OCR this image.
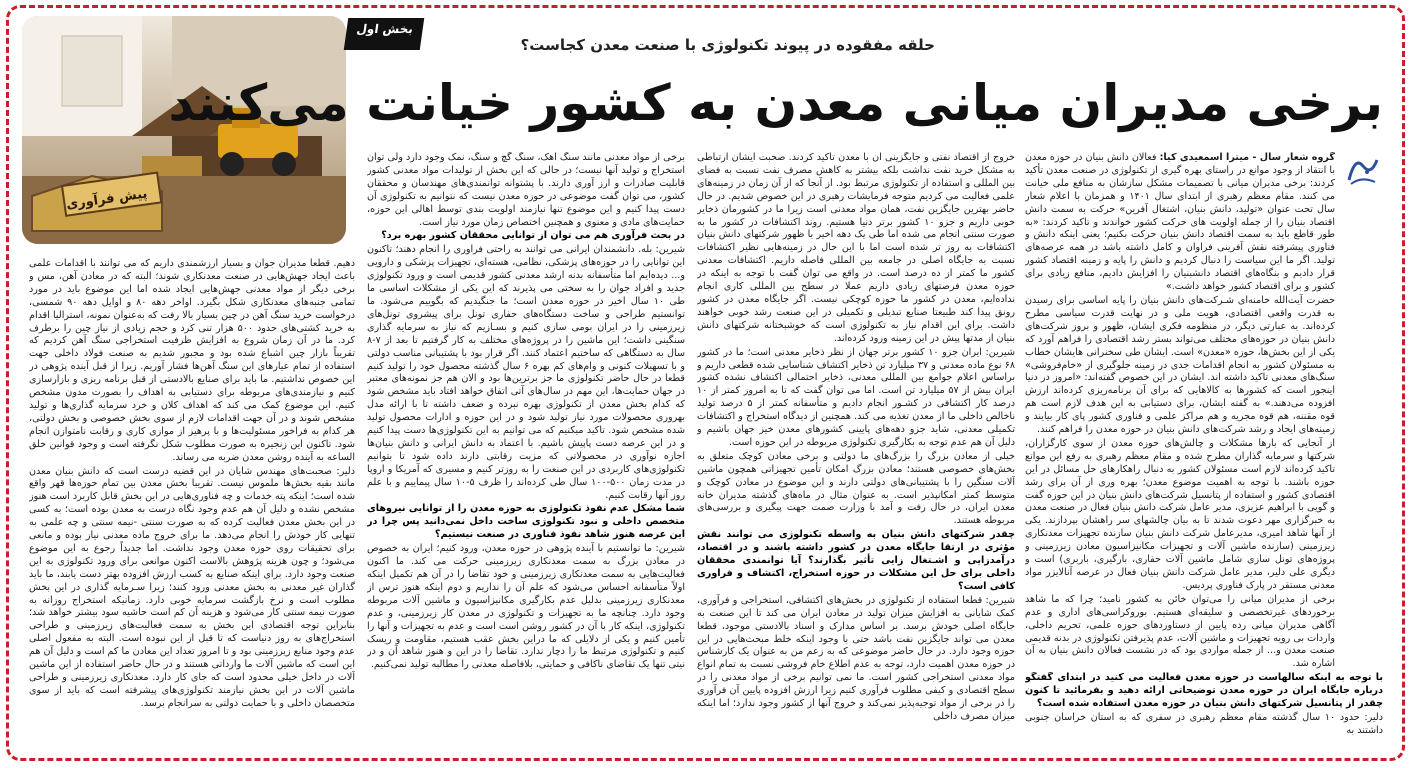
پیش فرآوری
بخش اول
حلقه مفقوده در پیوند تکنولوژی با صنعت معدن کجاست؟
برخی مدیران میانی معدن به کشور خیانت می‌کنند

گروه شعار سال - میترا اسمعیدی کیا: فعالان دانش بنیان در حوزه معدن با انتقاد از وجود موانع در راستای بهره گیری از تکنولوژی در صنعت معدن تأکید کردند: برخی مدیران میانی با تصمیمات مشکل سازشان به منافع ملی خیانت می کنند. مقام معظم رهبری از ابتدای سال ۱۴۰۱ و همزمان با اعلام شعار سال تحت عنوان «تولید، دانش بنیان، اشتغال آفرین» حرکت به سمت دانش اقتصاد بنیان را از جمله اولویت های حرکت کشور خواندند و تاکید کردند: «به طور قاطع باید به سمت اقتصاد دانش بنیان حرکت بکنیم؛ یعنی اینکه دانش و فناوری پیشرفته نقش آفرینی فراوان و کامل داشته باشد در همه عرصه‌های تولید. اگر ما این سیاست را دنبال کردیم و دانش را پایه و زمینه اقتصاد کشور قرار دادیم و بنگاه‌های اقتصاد دانشبنیان را افزایش دادیم، منافع زیادی برای کشور و برای اقتصاد کشور خواهد داشت.»

حضرت آیت‌الله خامنه‌ای شـرکت‌های دانش بنیان را پایه اساسی برای رسیدن به قدرت واقعی اقتصادی، هویت ملی و در نهایت قدرت سیاسی مطرح کرده‌اند. به عبارتی دیگر، در منظومه فکری ایشان، ظهور و بروز شرکت‌های دانش بنیان در حوزه‌های مختلف می‌تواند بستر رشد اقتصادی را فراهم آورد که یکی از این بخش‌ها، حوزه «معدن» است. ایشان طی سخنرانی هایشان خطاب به مسئولان کشور به انجام اقدامات جدی در زمینه جلوگیری از «خام‌فروشی» سنگ‌های معدنی تاکید داشته اند. ایشان در این خصوص گفته‌اند: «امروز در دنیا اینجور است که کشورها به کالاهایی که برای آن برنامه‌ریزی کرده‌اند ارزش افزوده می‌دهند.» به گفته ایشان، برای دستیابی به این هدف لازم است هم قوه مقننه، هم قوه مجریه و هم مراکز علمی و فناوری کشور پای کار بیایند و زمینه‌های ایجاد و رشد شرکت‌های دانش بنیان در حوزه معدن را فراهم کنند.

از آنجایی که بارها مشکلات و چالش‌های حوزه معدن از سوی کارگزاران، شرکتها و سرمایه گذاران مطرح شده و مقام معظم رهبری به رفع این موانع تاکید کرده‌اند لازم است مسئولان کشور به دنبال راهکارهای حل مسائل در این حوزه باشند. با توجه به اهمیت موضوع معدن؛ بهره وری از آن برای رشد اقتصادی کشور و استفاده از پتانسیل شرکت‌های دانش بنیان در این حوزه گفت و گویی با ابراهیم عزیزی، مدیر عامل شرکت دانش بنیان فعال در صنعت معدن به خبرگزاری مهر دعوت شدند تا به بیان چالشهای سر راهشان بپردازند. یکی از آنها شاهد امیری، مدیرعامل شرکت دانش بنیان سازنده تجهیزات معدنکاری زیرزمینی (سازنده ماشین آلات و تجهیزات مکانیزاسیون معادن زیرزمینی و پروژه‌های تونل سازی شامل ماشین آلات حفاری، بارگیری، باربری) است و دیگری علی دلیر، مدیر عامل شرکت دانش بنیان فعال در عرصه آنالایزر مواد معدنی مستقر در پارک فناوری پردیس.

برخی از مدیران میانی را می‌توان خائن به کشور نامید؛ چرا که ما شاهد برخوردهای غیرتخصصی و سلیقه‌ای هستیم. بوروکراسی‌های اداری و عدم آگاهی مدیران میانی رده پایین از دستاوردهای حوزه علمی، تحریم داخلی، واردات بی رویه تجهیزات و ماشین آلات، عدم پذیرفتن تکنولوژی در بدنه قدیمی صنعت معدن و... از جمله مواردی بود که در نشست فعالان دانش بنیان به آن اشاره شد.

با توجه به اینکه سالهاست در حوزه معدن فعالیت می کنید در ابتدای گفتگو درباره جایگاه ایران در حوزه معدن توضیحاتی ارائه دهید و بفرمائید تا کنون چقدر از پتانسیل شرکتهای دانش بنیان در حوزه معدن استفاده شده است؟

دلیر: حدود ۱۰ سال گذشته مقام معظم رهبری در سفری که به استان خراسان جنوبی داشتند به

خروج از اقتصاد نفتی و جایگزینی آن با معدن تاکید کردند. صحبت ایشان ارتباطی به مشکل خرید نفت نداشت بلکه بیشتر به کاهش مصرف نفت نسبت به فضای بین المللی و استفاده از تکنولوژی مرتبط بود. از آنجا که از آن زمان در زمینه‌های علمی فعالیت می کردیم متوجه فرمایشات رهبری در این خصوص شدیم. در حال حاضر بهترین جایگزین نفت، همان مواد معدنی است زیرا ما در کشورمان ذخایر خوبی داریم و جزو ۱۰ کشور برتر دنیا هستیم. روند اکتشافات در کشور ما به صورت سنتی انجام می شده اما طی یک دهه اخیر با ظهور شرکتهای دانش بنیان اکتشافات به روز تر شده است اما با این حال در زمینه‌هایی نظیر اکتشافات نسبت به جایگاه اصلی در جامعه بین المللی فاصله داریم. اکتشافات معدنی کشور ما کمتر از ده درصد است. در واقع می توان گفت با توجه به اینکه در حوزه معدن فرصتهای زیادی داریم عملا در سطح بین المللی کاری انجام نداده‌ایم، معدن در کشور ما حوزه کوچکی نیست. اگر جایگاه معدن در کشور رونق پیدا کند طبیعتا صنایع تبدیلی و تکمیلی در این صنعت رشد خوبی خواهند داشت. برای این اقدام نیاز به تکنولوژی است که خوشبختانه شرکتهای دانش بنیان از مدتها پیش در این زمینه ورود کرده‌اند.

شیرین: ایران جزو ۱۰ کشور برتر جهان از نظر ذخایر معدنی است؛ ما در کشور ۶۸ نوع ماده معدنی و ۳۷ میلیارد تن ذخایر اکتشاف شناسایی شده قطعی داریم و براساس اعلام جوامع بین المللی معدنی، ذخایر احتمالی اکتشاف نشده کشور ایران بیش از ۵۷ میلیارد تن است. اما می توان گفت که تا به امروز کمتر از ۱۰ درصد کار اکتشافی در کشـور انجام دادیم و متأسفانه کمتر از ۵ درصد تولید ناخالص داخلی ما از معدن تغذیه می کند. همچنین از دیدگاه استخراج و اکتشافات تکمیلی معدنی، شاید جزو دهه‌های پایینی کشورهای معدن خیز جهان باشیم و دلیل آن هم عدم توجه به بکارگیری تکنولوژی مربوطه در این حوزه است.

خیلی از معادن بزرگ را بزرگ‌های ما دولتی و برخی معادن کوچک متعلق به بخش‌های خصوصی هستند؛ معادن بزرگ امکان تأمین تجهیزاتی همچون ماشین آلات سنگین را با پشتیبانی‌های دولتی دارند و این موضوع در معادن کوچک و متوسط کمتر امکانپذیر است. به عنوان مثال در ماه‌های گذشته مدیران خانه معدن ایران، در حال رفت و آمد با وزارت صمت جهت پیگیری و بررسی‌های مربوطه هستند.

چقدر شرکتهای دانش بنیان به واسطه تکنولوژی می توانند نقش مؤثری در ارتقا جایگاه معدن در کشور داشته باشند و در اقتصاد، درآمدزایی و اشـتغال زایی تأثیر بگذارند؟ آیا توانمندی محققان داخلی برای حل این مشکلات در حوزه استخراج، اکتشاف و فراوری کافی است؟

شیرین: قطعا استفاده از تکنولوژی در بخش‌های اکتشافی، استخراجی و فرآوری، کمک شایانی به افزایش میزان تولید در معادن ایران می کند تا این صنعت به جایگاه اصلی خودش برسد. بر اساس مدارک و اسناد بالادستی موجود، قطعا معدن می تواند جایگزین نفت باشد حتی با وجود اینکه خلط مبحث‌هایی در این حوزه وجود دارد. در حال حاضر موضوعی که به زعم من به عنوان یک کارشناس در حوزه معدن اهمیت دارد، توجه به عدم اطلاع خام فروشی نسبت به تمام انواع مواد معدنی استخراجی کشور است. ما نمی توانیم برخی از مواد معدنی را در سطح اقتصادی و کیفی مطلوب فرآوری کنیم زیرا ارزش افزوده پایین آن فرآوری را در برخی از مواد توجیه‌پذیر نمی‌کند و خروج آنها از کشور وجود ندارد؛ اما اینکه میزان مصرف داخلی

برخی از مواد معدنی مانند سنگ آهک، سنگ گچ و سنگ، نمک وجود دارد ولی توان استخراج و تولید آنها نیست؛ در حالی که این بخش از تولیدات مواد معدنی کشور قابلیت صادرات و ارز آوری دارند. با پشتوانه توانمندی‌های مهندسان و محققان کشور، می توان گفت موضوعی در حوزه معدن نیست که نتوانیم به تکنولوژی آن دست پیدا کنیم و این موضوع تنها نیازمند اولویت بندی توسط اهالی این حوزه، حمایت‌های مادی و معنوی و همچنین اختصاص زمان مورد نیاز است.

در بحث فرآوری هم می توان از توانایی محققان کشور بهره برد؟

شیرین: بله. دانشمندان ایرانی می توانند به راحتی فراوری را انجام دهند؛ تاکنون این توانایی را در حوزه‌های پزشکی، نظامی، هسته‌ای، تجهیزات پزشکی و دارویی و... دیده‌ایم اما متأسفانه بدنه ارشد معدنی کشور قدیمی است و ورود تکنولوژی جدید و افراد جوان را به سختی می پذیرند که این یکی از مشکلات اساسی ما طی ۱۰ سال اخیر در حوزه معدن است؛ ما جنگیدیم که بگوییم می‌شود. ما توانستیم طراحی و ساخت دستگاه‌های حفاری تونل برای پیشروی تونل‌های زیرزمینی را در ایران بومی سازی کنیم و بسـازیم که نیاز به سرمایه گذاری سنگینی داشت؛ این ماشین را در پروژه‌های مختلف به کار گرفتیم تا بعد از ۷-۸ سال به دستگاهی که ساختیم اعتماد کنند. اگر قرار بود با پشتیبانی مناسب دولتی و با تسهیلات کنونی و وام‌های کم بهره ۶ سال گذشته محصول خود را تولید کنیم قطعا در حال حاضر تکنولوژی ما جز برترین‌ها بود و الان هم جز نمونه‌های معتبر در جهان حمایت‌ها، این مهم در سال‌های آتی اتفاق خواهد افتاد باید مشخص شود که کدام بخش معدن از تکنولوژی بهره نبرده و ضعف داشته تا با ارائه مدل بهروری محصولات مورد نیاز تولید شود و در این حوزه و ادارات محصول تولید شده مشخص شود. تاکید میکنیم که می توانیم به این تکنولوژی‌ها دست پیدا کنیم و در این عرصه دست پاپیش باشیم. با اعتماد به دانش ایرانی و دانش بنیان‌ها اجازه نوآوری در محصولاتی که مزیت رقابتی دارند داده شود تا بتوانیم تکنولوژی‌های کاربردی در این صنعت را به روزتر کنیم و مسیری که آمریکا و اروپا در مدت زمان ۵۰۰-۱۰۰ سال طی کرده‌اند را ظرف ۵-۱۰ سال پیماییم و با علم روز آنها رقابت کنیم.

شما مشکل عدم نفوذ تکنولوژی به حوزه معدن را از توانایی نیروهای متخصص داخلی و نبود تکنولوژی ساخت داخل نمی‌دانید پس چرا در این عرصه هنوز شاهد نفوذ فناوری در صنعت نیستیم؟

شیرین: ما توانستیم با آینده پژوهی در حوزه معدن، ورود کنیم؛ ایران به خصوص در معادن بزرگ به سمت معدنکاری زیرزمینی حرکت می کند. ما اکنون فعالیت‌هایی به سمت معدنکاری زیرزمینی و خود تقاضا را در آن هم تکمیل اینکه اولاً متأسفانه احساس می‌شود که علم آن را نداریم و دوم اینکه هنوز ترس از معدنکاری زیرزمینی بدلیل عدم بکارگیری مکانیزاسیون و ماشین آلات مربوطه وجود دارد. چنانچه ما به تجهیزات و تکنولوژی در معدن کار زیرزمینی، و عدم تکنولوژی، اینکه کار با آن در کشور روشن است است و عدم به تجهیزات و آنها را تأمین کنیم و یکی از دلایلی که ما دراین بخش عقب هستیم، مقاومت و ریسک کنیم و تکنولوژی مرتبط ما را دچار ندارد. تقاضا را در این و هنوز شاهد آن و در نیتی تنها یک تقاضای ناکافی و حمایتی، بلافاصله معدنی را مطالبه تولید نمی‌کنیم.

دهیم. قطعا مدیران جوان و بسیار ارزشمندی داریم که می توانند با اقدامات علمی باعث ایجاد جهش‌هایی در صنعت معدنکاری شوند؛ البته که در معادن آهن، مس و برخی دیگر از مواد معدنی جهش‌هایی ایجاد شده اما این موضوع باید در مورد تمامی جنبه‌های معدنکاری شکل بگیرد. اواخر دهه ۸۰ و اوایل دهه ۹۰ شمسی، درخواست خرید سنگ آهن در چین بسیار بالا رفت که به‌عنوان نمونه، استرالیا اقدام به خرید کشتی‌های حدود ۵۰۰ هزار تنی کرد و حجم زیادی از نیاز چین را برطرف کرد. ما در آن زمان شروع به افزایش ظرفیت استخراجی سنگ آهن کردیم که تقریباً بازار چین اشباع شده بود و مجبور شدیم به صنعت فولاد داخلی جهت استفاده از تمام عیارهای این سنگ آهن‌ها فشار آوریم. زیرا از قبل آینده پژوهی در این خصوص نداشتیم. ما باید برای صنایع بالادستی از قبل برنامه ریزی و بازارسازی کنیم و نیازمندی‌های مربوطه برای دستیابی به اهداف را بصورت مدون مشخص کنیم. این موضوع کمک می کند که اهداف کلان و خرد سرمایه گذاری‌ها و تولید مشخص شوند و در آن جهت اقدامات لازم از سوی بخش خصوصی و بخش دولتی، هر کدام به فراخور مسئولیت‌ها و با پرهیز از موازی کاری و رقابت نامتوازن انجام شود. تاکنون این زنجیره به صورت مطلوب شکل نگرفته است و وجود قوانین خلق الساعه به آینده روشن معدن ضربه می رساند.

دلیر: صحبت‌های مهندس شایان در این قضیه درست است که دانش بنیان معدن مانند بقیه بخش‌ها ملموس نیست. تقریبا بخش معدن بین تمام حوزه‌ها قهر واقع شده است؛ اینکه پته خدمات و چه فناوری‌هایی در این بخش قابل کاربرد است هنوز مشخص نشده و دلیل آن هم عدم وجود نگاه درست به معدن بوده است؛ به کسی در این بخش معدن فعالیت کرده که به صورت سنتی -نیمه سنتی و چه علمی به تنهایی کار خودش را انجام می‌دهد. ما برای خروج ماده معدنی نیاز بوده و مانعی برای تحقیقات روی حوزه معدن وجود نداشت. اما جدیداً رجوع به این موضوع می‌شود؛ و چون هزینه پژوهش بالاست اکنون موانعی برای ورود تکنولوژی به این صنعت وجود دارد. برای اینکه صنایع به کسب ارزش افزوده بهتر دست یابند، ما باید گذاران غیر معدنی به بخش معدنی ورود کنند؛ زیرا سـرمایه گذاری در این بخش مطلوب است و نرخ بازگشت سرمایه خوبی دارد. زمانیکه استخراج روزانه به صورت نیمه سنتی کار می‌شود و هزینه آن کم است حاشیه سود بیشتر خواهد شد؛ بنابراین توجه اقتصادی این بخش به سمت فعالیت‌های زیرزمینی و طراحی استخراج‌های به روز دنیاست که تا قبل از این نبوده است. البته به مفعول اصلی عدم وجود منابع زیرزمینی بود و تا امروز تعداد این معادن ما کم است و دلیل آن هم این است که ماشین آلات ما وارداتی هستند و در حال حاضر استفاده از این ماشین آلات در داخل خیلی محدود است که جای کار دارد. معدنکاری زیرزمینی و طراحی ماشین آلات در این بخش نیازمند تکنولوژی‌های پیشرفته است که باید از سوی متخصصان داخلی و با حمایت دولتی به سرانجام برسد.
